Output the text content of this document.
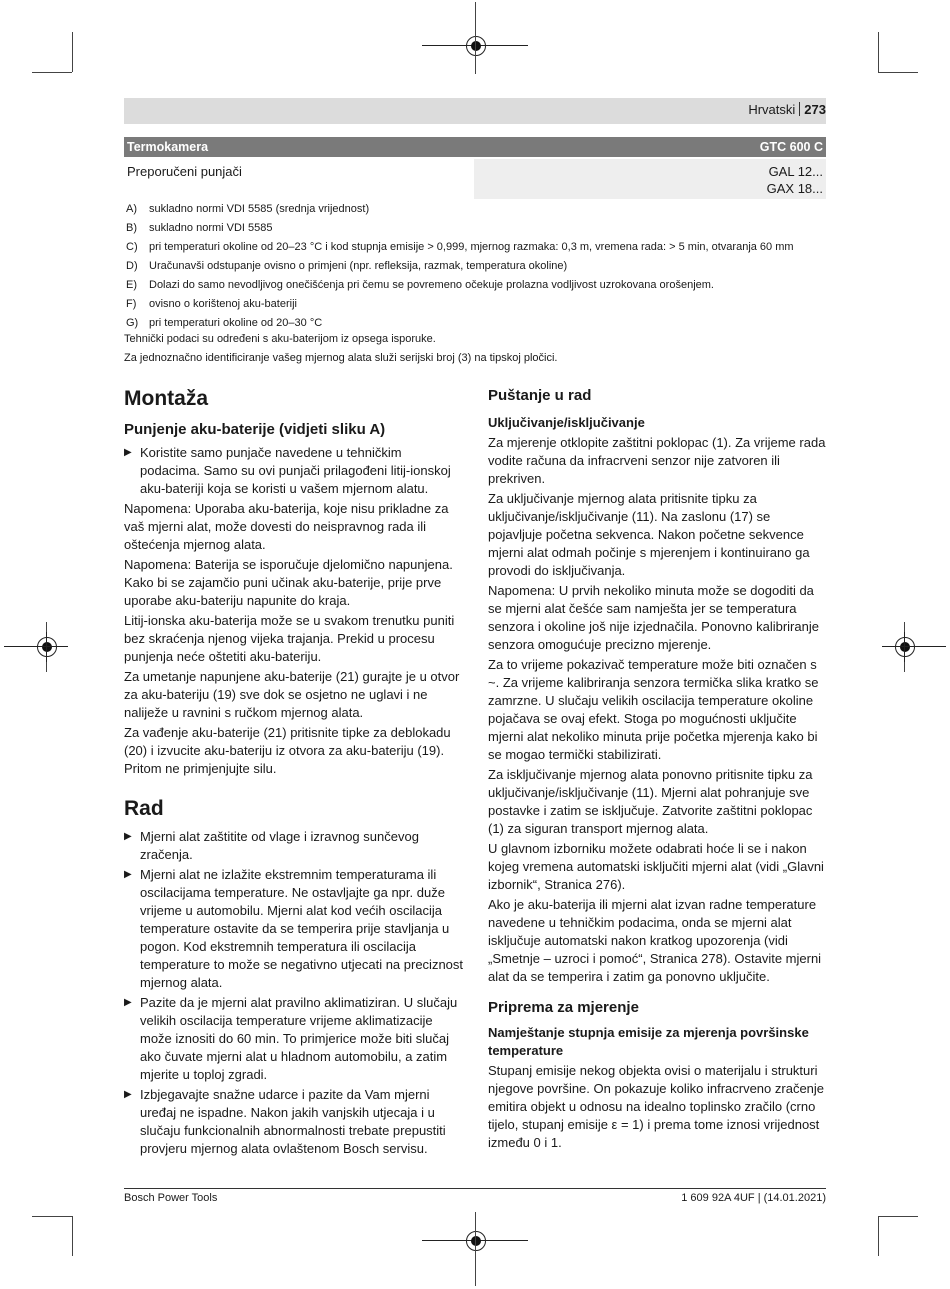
Hrvatski 273
Termokamera	GTC 600 C
Preporučeni punjači	GAL 12...
GAX 18...
A) sukladno normi VDI 5585 (srednja vrijednost)
B) sukladno normi VDI 5585
C) pri temperaturi okoline od 20–23 °C i kod stupnja emisije > 0,999, mjernog razmaka: 0,3 m, vremena rada: > 5 min, otvaranja 60 mm
D) Uračunavši odstupanje ovisno o primjeni (npr. refleksija, razmak, temperatura okoline)
E) Dolazi do samo nevodljivog onečišćenja pri čemu se povremeno očekuje prolazna vodljivost uzrokovana orošenjem.
F) ovisno o korištenoj aku-bateriji
G) pri temperaturi okoline od 20–30 °C
Tehnički podaci su određeni s aku-baterijom iz opsega isporuke.
Za jednoznačno identificiranje vašeg mjernog alata služi serijski broj (3) na tipskoj pločici.
Montaža
Punjenje aku-baterije (vidjeti sliku A)

▶ Koristite samo punjače navedene u tehničkim podacima. Samo su ovi punjači prilagođeni litij-ionskoj aku-bateriji koja se koristi u vašem mjernom alatu.

Napomena: Uporaba aku-baterija, koje nisu prikladne za vaš mjerni alat, može dovesti do neispravnog rada ili oštećenja mjernog alata.

Napomena: Baterija se isporučuje djelomično napunjena. Kako bi se zajamčio puni učinak aku-baterije, prije prve uporabe aku-bateriju napunite do kraja.

Litij-ionska aku-baterija može se u svakom trenutku puniti bez skraćenja njenog vijeka trajanja. Prekid u procesu punjenja neće oštetiti aku-bateriju.

Za umetanje napunjene aku-baterije (21) gurajte je u otvor za aku-bateriju (19) sve dok se osjetno ne uglavi i ne naliježe u ravnini s ručkom mjernog alata.

Za vađenje aku-baterije (21) pritisnite tipke za deblokadu (20) i izvucite aku-bateriju iz otvora za aku-bateriju (19). Pritom ne primjenjujte silu.

Rad

▶ Mjerni alat zaštitite od vlage i izravnog sunčevog zračenja.

▶ Mjerni alat ne izlažite ekstremnim temperaturama ili oscilacijama temperature. Ne ostavljajte ga npr. duže vrijeme u automobilu. Mjerni alat kod većih oscilacija temperature ostavite da se temperira prije stavljanja u pogon. Kod ekstremnih temperatura ili oscilacija temperature to može se negativno utjecati na preciznost mjernog alata.

▶ Pazite da je mjerni alat pravilno aklimatiziran. U slučaju velikih oscilacija temperature vrijeme aklimatizacije može iznositi do 60 min. To primjerice može biti slučaj ako čuvate mjerni alat u hladnom automobilu, a zatim mjerite u toploj zgradi.

▶ Izbjegavajte snažne udarce i pazite da Vam mjerni uređaj ne ispadne. Nakon jakih vanjskih utjecaja i u slučaju funkcionalnih abnormalnosti trebate prepustiti provjeru mjernog alata ovlaštenom Bosch servisu.

Puštanje u rad
Uključivanje/isključivanje

Za mjerenje otklopite zaštitni poklopac (1). Za vrijeme rada vodite računa da infracrveni senzor nije zatvoren ili prekriven.

Za uključivanje mjernog alata pritisnite tipku za uključivanje/isključivanje (11). Na zaslonu (17) se pojavljuje početna sekvenca. Nakon početne sekvence mjerni alat odmah počinje s mjerenjem i kontinuirano ga provodi do isključivanja.

Napomena: U prvih nekoliko minuta može se dogoditi da se mjerni alat češće sam namješta jer se temperatura senzora i okoline još nije izjednačila. Ponovno kalibriranje senzora omogućuje precizno mjerenje.

Za to vrijeme pokazivač temperature može biti označen s ~. Za vrijeme kalibriranja senzora termička slika kratko se zamrzne. U slučaju velikih oscilacija temperature okoline pojačava se ovaj efekt. Stoga po mogućnosti uključite mjerni alat nekoliko minuta prije početka mjerenja kako bi se mogao termički stabilizirati.

Za isključivanje mjernog alata ponovno pritisnite tipku za uključivanje/isključivanje (11). Mjerni alat pohranjuje sve postavke i zatim se isključuje. Zatvorite zaštitni poklopac (1) za siguran transport mjernog alata.

U glavnom izborniku možete odabrati hoće li se i nakon kojeg vremena automatski isključiti mjerni alat (vidi „Glavni izbornik“, Stranica 276).

Ako je aku-baterija ili mjerni alat izvan radne temperature navedene u tehničkim podacima, onda se mjerni alat isključuje automatski nakon kratkog upozorenja (vidi „Smetnje – uzroci i pomoć“, Stranica 278). Ostavite mjerni alat da se temperira i zatim ga ponovno uključite.

Priprema za mjerenje
Namještanje stupnja emisije za mjerenja površinske temperature

Stupanj emisije nekog objekta ovisi o materijalu i strukturi njegove površine. On pokazuje koliko infracrveno zračenje emitira objekt u odnosu na idealno toplinsko zračilo (crno tijelo, stupanj emisije ε = 1) i prema tome iznosi vrijednost između 0 i 1.

Bosch Power Tools	1 609 92A 4UF | (14.01.2021)
